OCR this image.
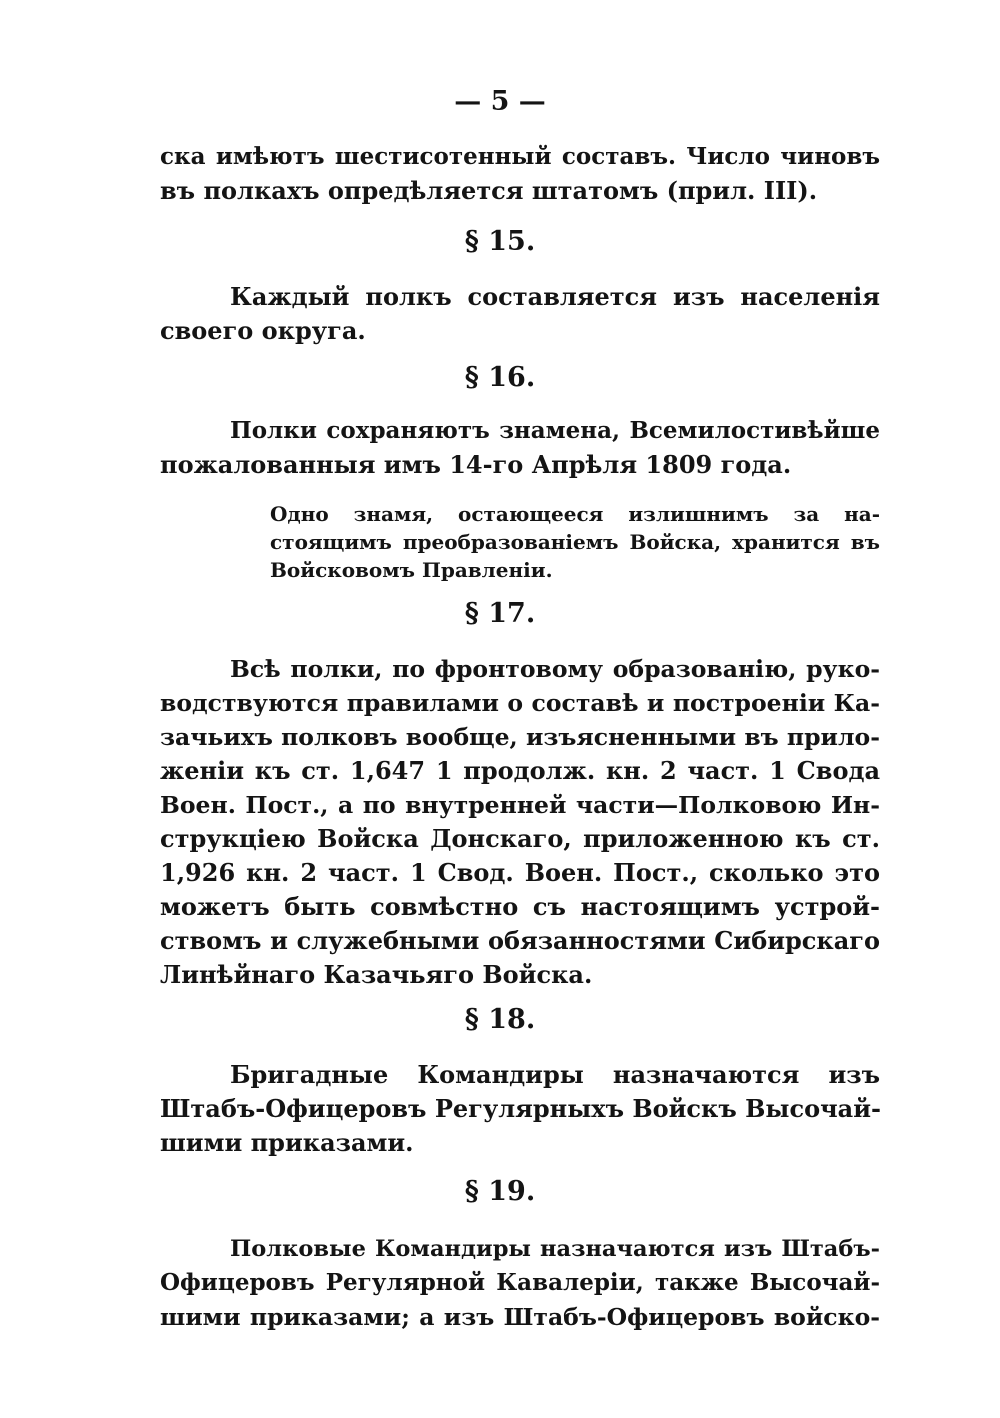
— 5 —
ска имѣютъ шестисотенный составъ. Число чиновъ
въ полкахъ опредѣляется штатомъ (прил. III).
§ 15.
Каждый полкъ составляется изъ населенія
своего округа.
§ 16.
Полки сохраняютъ знамена, Всемилостивѣйше
пожалованныя имъ 14-го Апрѣля 1809 года.
Одно знамя, остающееся излишнимъ за на-
стоящимъ преобразованіемъ Войска, хранится въ
Войсковомъ Правленіи.
§ 17.
Всѣ полки, по фронтовому образованію, руко-
водствуются правилами о составѣ и построеніи Ка-
зачьихъ полковъ вообще, изъясненными въ прило-
женіи къ ст. 1,647 1 продолж. кн. 2 част. 1 Свода
Воен. Пост., а по внутренней части—Полковою Ин-
струкціею Войска Донскаго, приложенною къ ст.
1,926 кн. 2 част. 1 Свод. Воен. Пост., сколько это
можетъ быть совмѣстно съ настоящимъ устрой-
ствомъ и служебными обязанностями Сибирскаго
Линѣйнаго Казачьяго Войска.
§ 18.
Бригадные Командиры назначаются изъ
Штабъ-Офицеровъ Регулярныхъ Войскъ Высочай-
шими приказами.
§ 19.
Полковые Командиры назначаются изъ Штабъ-
Офицеровъ Регулярной Кавалеріи, также Высочай-
шими приказами; а изъ Штабъ-Офицеровъ войско-
